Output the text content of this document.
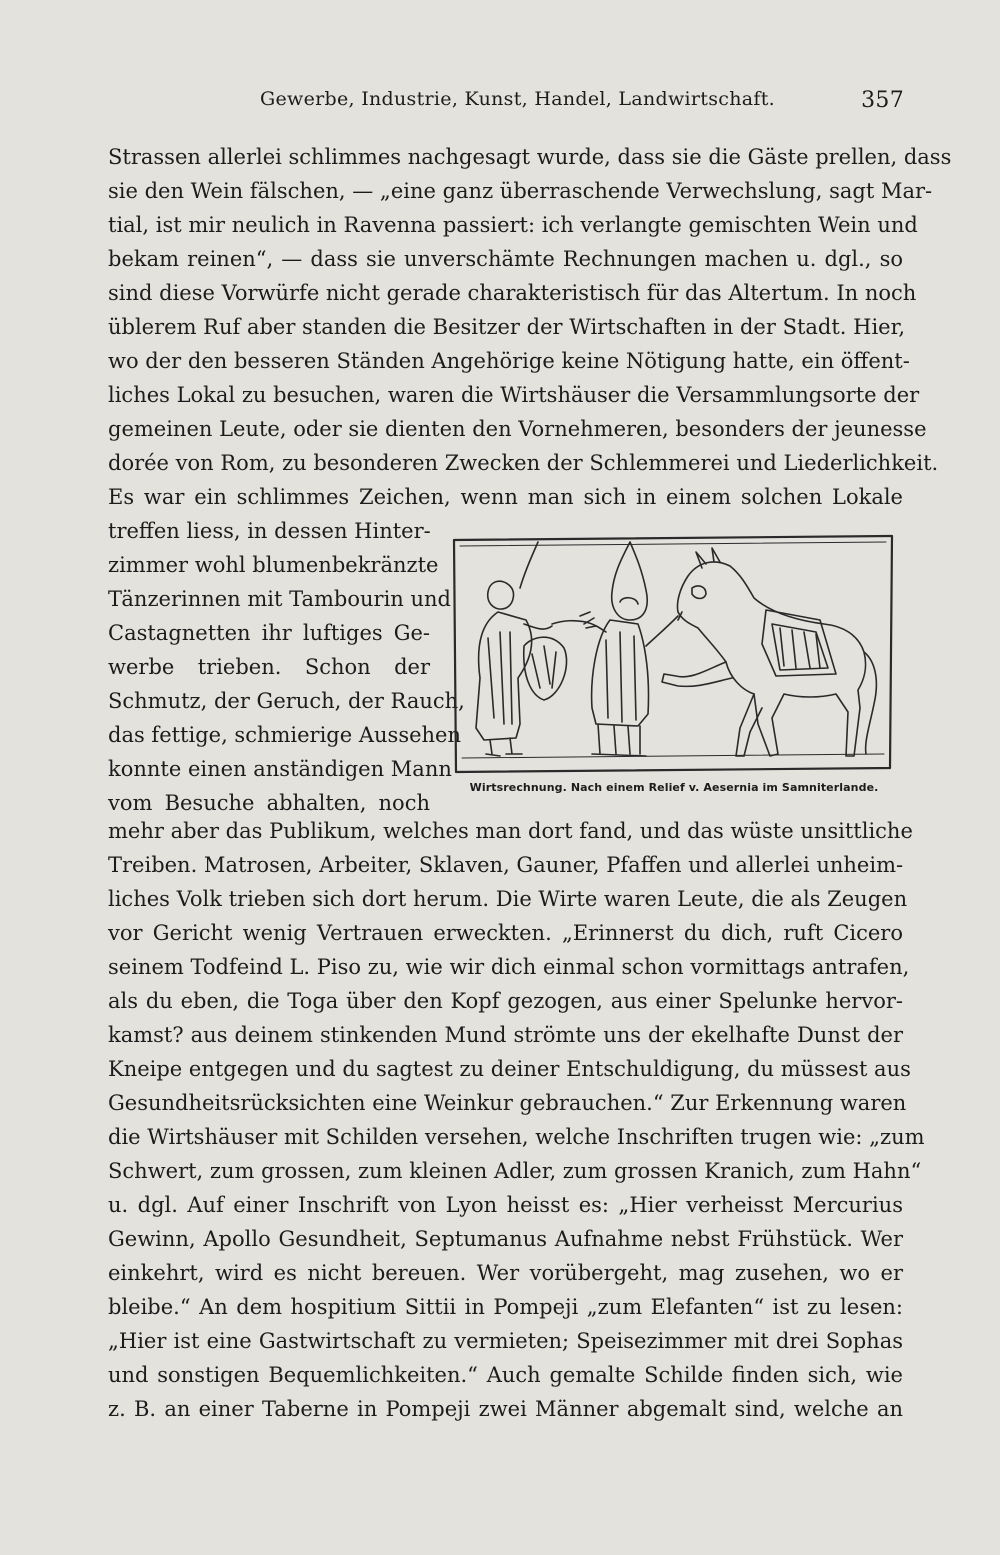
Gewerbe, Industrie, Kunst, Handel, Landwirtschaft.	357
Strassen allerlei schlimmes nachgesagt wurde, dass sie die Gäste prellen, dass
sie den Wein fälschen, — „eine ganz überraschende Verwechslung, sagt Mar-
tial, ist mir neulich in Ravenna passiert: ich verlangte gemischten Wein und
bekam reinen“, — dass sie unverschämte Rechnungen machen u. dgl., so
sind diese Vorwürfe nicht gerade charakteristisch für das Altertum. In noch
üblerem Ruf aber standen die Besitzer der Wirtschaften in der Stadt. Hier,
wo der den besseren Ständen Angehörige keine Nötigung hatte, ein öffent-
liches Lokal zu besuchen, waren die Wirtshäuser die Versammlungsorte der
gemeinen Leute, oder sie dienten den Vornehmeren, besonders der jeunesse
dorée von Rom, zu besonderen Zwecken der Schlemmerei und Liederlichkeit.
Es war ein schlimmes Zeichen, wenn man sich in einem solchen Lokale
treffen liess, in dessen Hinter-
zimmer wohl blumenbekränzte
Tänzerinnen mit Tambourin und
Castagnetten ihr luftiges Ge-
werbe trieben. Schon der
Schmutz, der Geruch, der Rauch,
das fettige, schmierige Aussehen
konnte einen anständigen Mann
vom Besuche abhalten, noch
Wirtsrechnung. Nach einem Relief v. Aesernia im Samniterlande.
mehr aber das Publikum, welches man dort fand, und das wüste unsittliche
Treiben. Matrosen, Arbeiter, Sklaven, Gauner, Pfaffen und allerlei unheim-
liches Volk trieben sich dort herum. Die Wirte waren Leute, die als Zeugen
vor Gericht wenig Vertrauen erweckten. „Erinnerst du dich, ruft Cicero
seinem Todfeind L. Piso zu, wie wir dich einmal schon vormittags antrafen,
als du eben, die Toga über den Kopf gezogen, aus einer Spelunke hervor-
kamst? aus deinem stinkenden Mund strömte uns der ekelhafte Dunst der
Kneipe entgegen und du sagtest zu deiner Entschuldigung, du müssest aus
Gesundheitsrücksichten eine Weinkur gebrauchen.“ Zur Erkennung waren
die Wirtshäuser mit Schilden versehen, welche Inschriften trugen wie: „zum
Schwert, zum grossen, zum kleinen Adler, zum grossen Kranich, zum Hahn“
u. dgl. Auf einer Inschrift von Lyon heisst es: „Hier verheisst Mercurius
Gewinn, Apollo Gesundheit, Septumanus Aufnahme nebst Frühstück. Wer
einkehrt, wird es nicht bereuen. Wer vorübergeht, mag zusehen, wo er
bleibe.“ An dem hospitium Sittii in Pompeji „zum Elefanten“ ist zu lesen:
„Hier ist eine Gastwirtschaft zu vermieten; Speisezimmer mit drei Sophas
und sonstigen Bequemlichkeiten.“ Auch gemalte Schilde finden sich, wie
z. B. an einer Taberne in Pompeji zwei Männer abgemalt sind, welche an
